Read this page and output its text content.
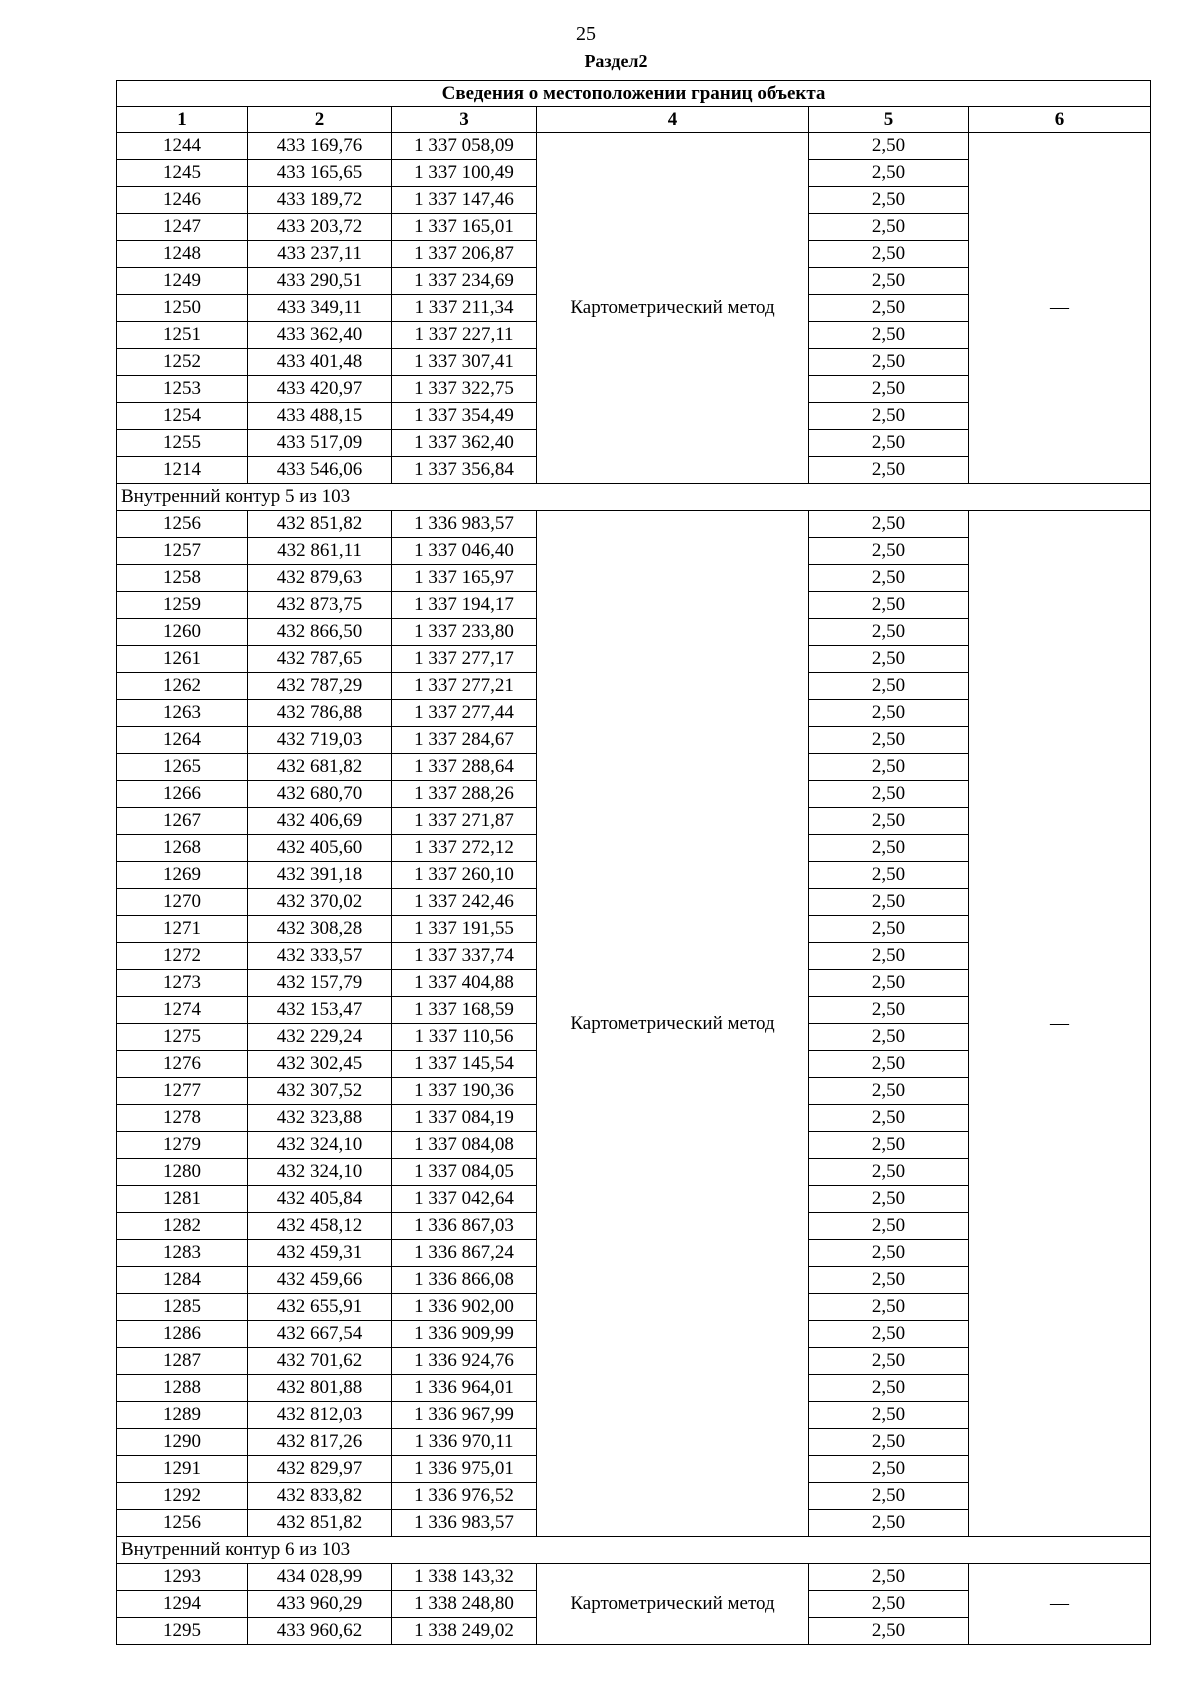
25
Раздел2
Сведения о местоположении границ объекта					
1	2	3	4	5	6
1244	433 169,76	1 337 058,09	Картометрический метод	2,50	—
1245	433 165,65	1 337 100,49		2,50	
1246	433 189,72	1 337 147,46		2,50	
1247	433 203,72	1 337 165,01		2,50	
1248	433 237,11	1 337 206,87		2,50	
1249	433 290,51	1 337 234,69		2,50	
1250	433 349,11	1 337 211,34		2,50	
1251	433 362,40	1 337 227,11		2,50	
1252	433 401,48	1 337 307,41		2,50	
1253	433 420,97	1 337 322,75		2,50	
1254	433 488,15	1 337 354,49		2,50	
1255	433 517,09	1 337 362,40		2,50	
1214	433 546,06	1 337 356,84		2,50	
Внутренний контур 5 из 103					
1256	432 851,82	1 336 983,57	Картометрический метод	2,50	—
1257	432 861,11	1 337 046,40		2,50	
1258	432 879,63	1 337 165,97		2,50	
1259	432 873,75	1 337 194,17		2,50	
1260	432 866,50	1 337 233,80		2,50	
1261	432 787,65	1 337 277,17		2,50	
1262	432 787,29	1 337 277,21		2,50	
1263	432 786,88	1 337 277,44		2,50	
1264	432 719,03	1 337 284,67		2,50	
1265	432 681,82	1 337 288,64		2,50	
1266	432 680,70	1 337 288,26		2,50	
1267	432 406,69	1 337 271,87		2,50	
1268	432 405,60	1 337 272,12		2,50	
1269	432 391,18	1 337 260,10		2,50	
1270	432 370,02	1 337 242,46		2,50	
1271	432 308,28	1 337 191,55		2,50	
1272	432 333,57	1 337 337,74		2,50	
1273	432 157,79	1 337 404,88		2,50	
1274	432 153,47	1 337 168,59		2,50	
1275	432 229,24	1 337 110,56		2,50	
1276	432 302,45	1 337 145,54		2,50	
1277	432 307,52	1 337 190,36		2,50	
1278	432 323,88	1 337 084,19		2,50	
1279	432 324,10	1 337 084,08		2,50	
1280	432 324,10	1 337 084,05		2,50	
1281	432 405,84	1 337 042,64		2,50	
1282	432 458,12	1 336 867,03		2,50	
1283	432 459,31	1 336 867,24		2,50	
1284	432 459,66	1 336 866,08		2,50	
1285	432 655,91	1 336 902,00		2,50	
1286	432 667,54	1 336 909,99		2,50	
1287	432 701,62	1 336 924,76		2,50	
1288	432 801,88	1 336 964,01		2,50	
1289	432 812,03	1 336 967,99		2,50	
1290	432 817,26	1 336 970,11		2,50	
1291	432 829,97	1 336 975,01		2,50	
1292	432 833,82	1 336 976,52		2,50	
1256	432 851,82	1 336 983,57		2,50	
Внутренний контур 6 из 103					
1293	434 028,99	1 338 143,32	Картометрический метод	2,50	—
1294	433 960,29	1 338 248,80		2,50	
1295	433 960,62	1 338 249,02		2,50	
